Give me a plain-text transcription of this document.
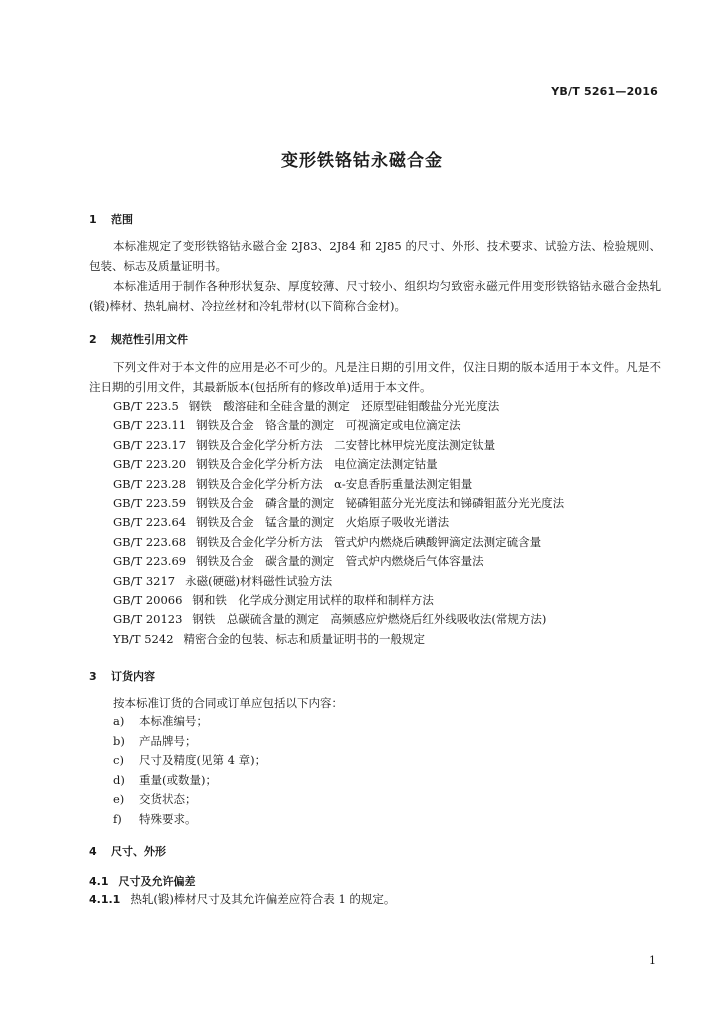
YB/T 5261—2016
变形铁铬钴永磁合金
1 范围
本标准规定了变形铁铬钴永磁合金 2J83、2J84 和 2J85 的尺寸、外形、技术要求、试验方法、检验规则、包装、标志及质量证明书。
本标准适用于制作各种形状复杂、厚度较薄、尺寸较小、组织均匀致密永磁元件用变形铁铬钴永磁合金热轧(锻)棒材、热轧扁材、冷拉丝材和冷轧带材(以下简称合金材)。
2 规范性引用文件
下列文件对于本文件的应用是必不可少的。凡是注日期的引用文件，仅注日期的版本适用于本文件。凡是不注日期的引用文件，其最新版本(包括所有的修改单)适用于本文件。
GB/T 223.5 钢铁　酸溶硅和全硅含量的测定　还原型硅钼酸盐分光光度法
GB/T 223.11 钢铁及合金　铬含量的测定　可视滴定或电位滴定法
GB/T 223.17 钢铁及合金化学分析方法　二安替比林甲烷光度法测定钛量
GB/T 223.20 钢铁及合金化学分析方法　电位滴定法测定钴量
GB/T 223.28 钢铁及合金化学分析方法　α-安息香肟重量法测定钼量
GB/T 223.59 钢铁及合金　磷含量的测定　铋磷钼蓝分光光度法和锑磷钼蓝分光光度法
GB/T 223.64 钢铁及合金　锰含量的测定　火焰原子吸收光谱法
GB/T 223.68 钢铁及合金化学分析方法　管式炉内燃烧后碘酸钾滴定法测定硫含量
GB/T 223.69 钢铁及合金　碳含量的测定　管式炉内燃烧后气体容量法
GB/T 3217 永磁(硬磁)材料磁性试验方法
GB/T 20066 钢和铁　化学成分测定用试样的取样和制样方法
GB/T 20123 钢铁　总碳硫含量的测定　高频感应炉燃烧后红外线吸收法(常规方法)
YB/T 5242 精密合金的包装、标志和质量证明书的一般规定
3 订货内容
按本标准订货的合同或订单应包括以下内容：
a) 本标准编号；
b) 产品牌号；
c) 尺寸及精度(见第 4 章)；
d) 重量(或数量)；
e) 交货状态；
f) 特殊要求。
4 尺寸、外形
4.1 尺寸及允许偏差
4.1.1 热轧(锻)棒材尺寸及其允许偏差应符合表 1 的规定。
1
